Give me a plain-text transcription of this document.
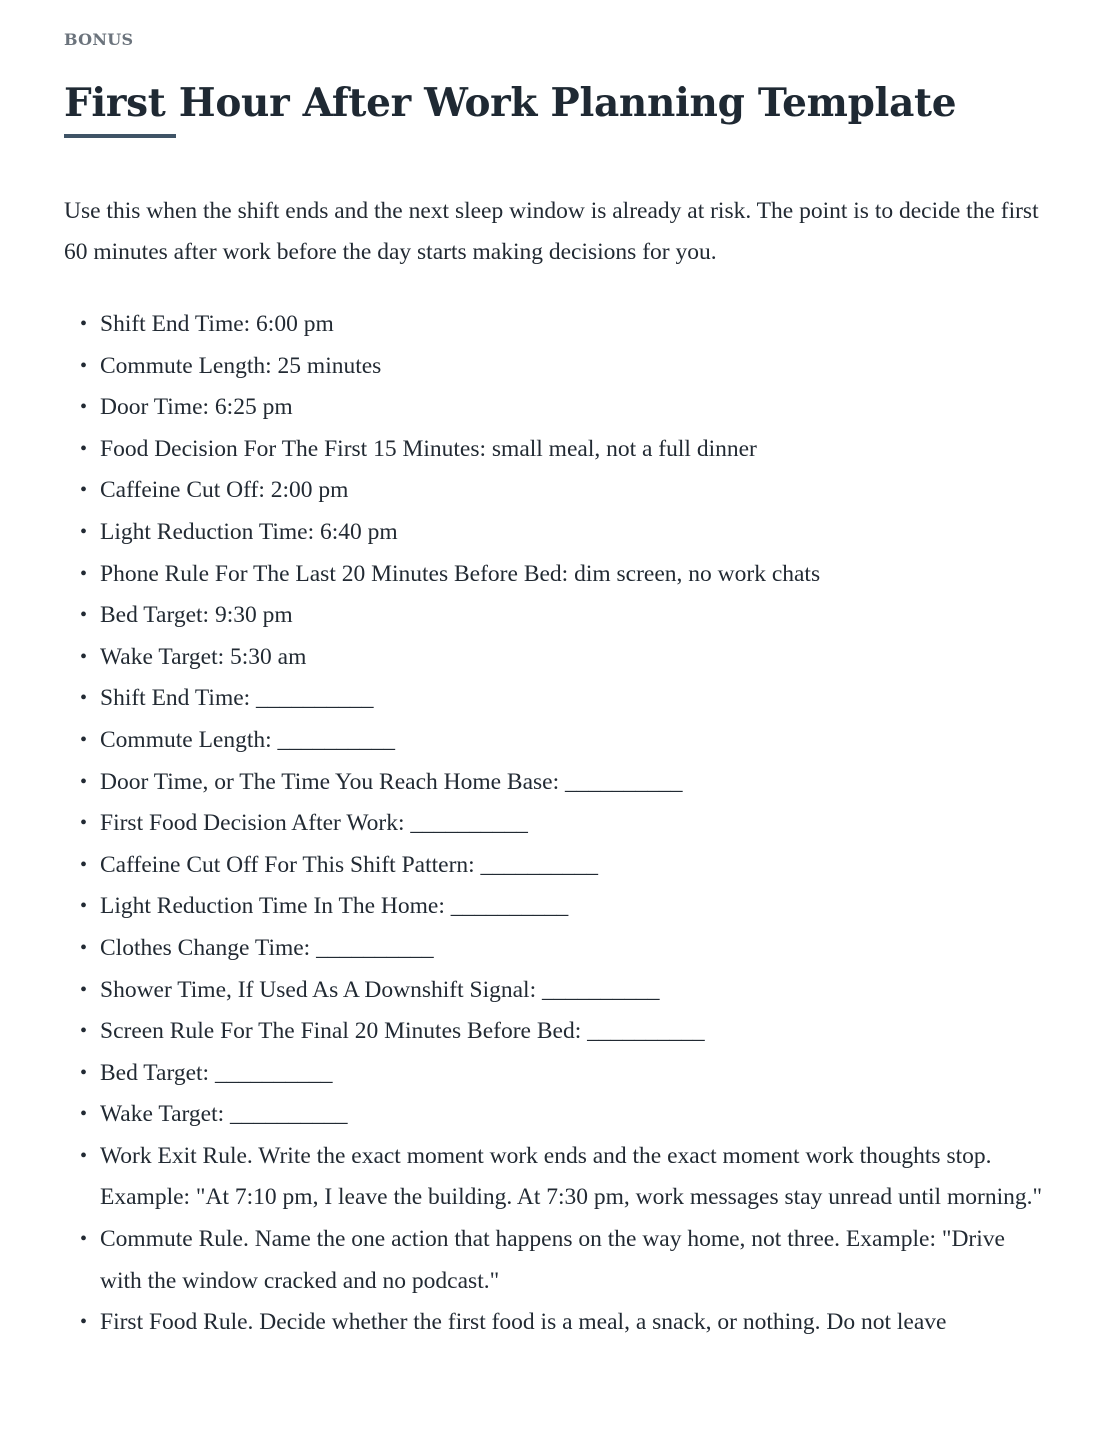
BONUS
First Hour After Work Planning Template

Use this when the shift ends and the next sleep window is already at risk. The point is to decide the first 60 minutes after work before the day starts making decisions for you.

• Shift End Time: 6:00 pm
• Commute Length: 25 minutes
• Door Time: 6:25 pm
• Food Decision For The First 15 Minutes: small meal, not a full dinner
• Caffeine Cut Off: 2:00 pm
• Light Reduction Time: 6:40 pm
• Phone Rule For The Last 20 Minutes Before Bed: dim screen, no work chats
• Bed Target: 9:30 pm
• Wake Target: 5:30 am
• Shift End Time: __________
• Commute Length: __________
• Door Time, or The Time You Reach Home Base: __________
• First Food Decision After Work: __________
• Caffeine Cut Off For This Shift Pattern: __________
• Light Reduction Time In The Home: __________
• Clothes Change Time: __________
• Shower Time, If Used As A Downshift Signal: __________
• Screen Rule For The Final 20 Minutes Before Bed: __________
• Bed Target: __________
• Wake Target: __________
• Work Exit Rule. Write the exact moment work ends and the exact moment work thoughts stop. Example: "At 7:10 pm, I leave the building. At 7:30 pm, work messages stay unread until morning."
• Commute Rule. Name the one action that happens on the way home, not three. Example: "Drive with the window cracked and no podcast."
• First Food Rule. Decide whether the first food is a meal, a snack, or nothing. Do not leave
